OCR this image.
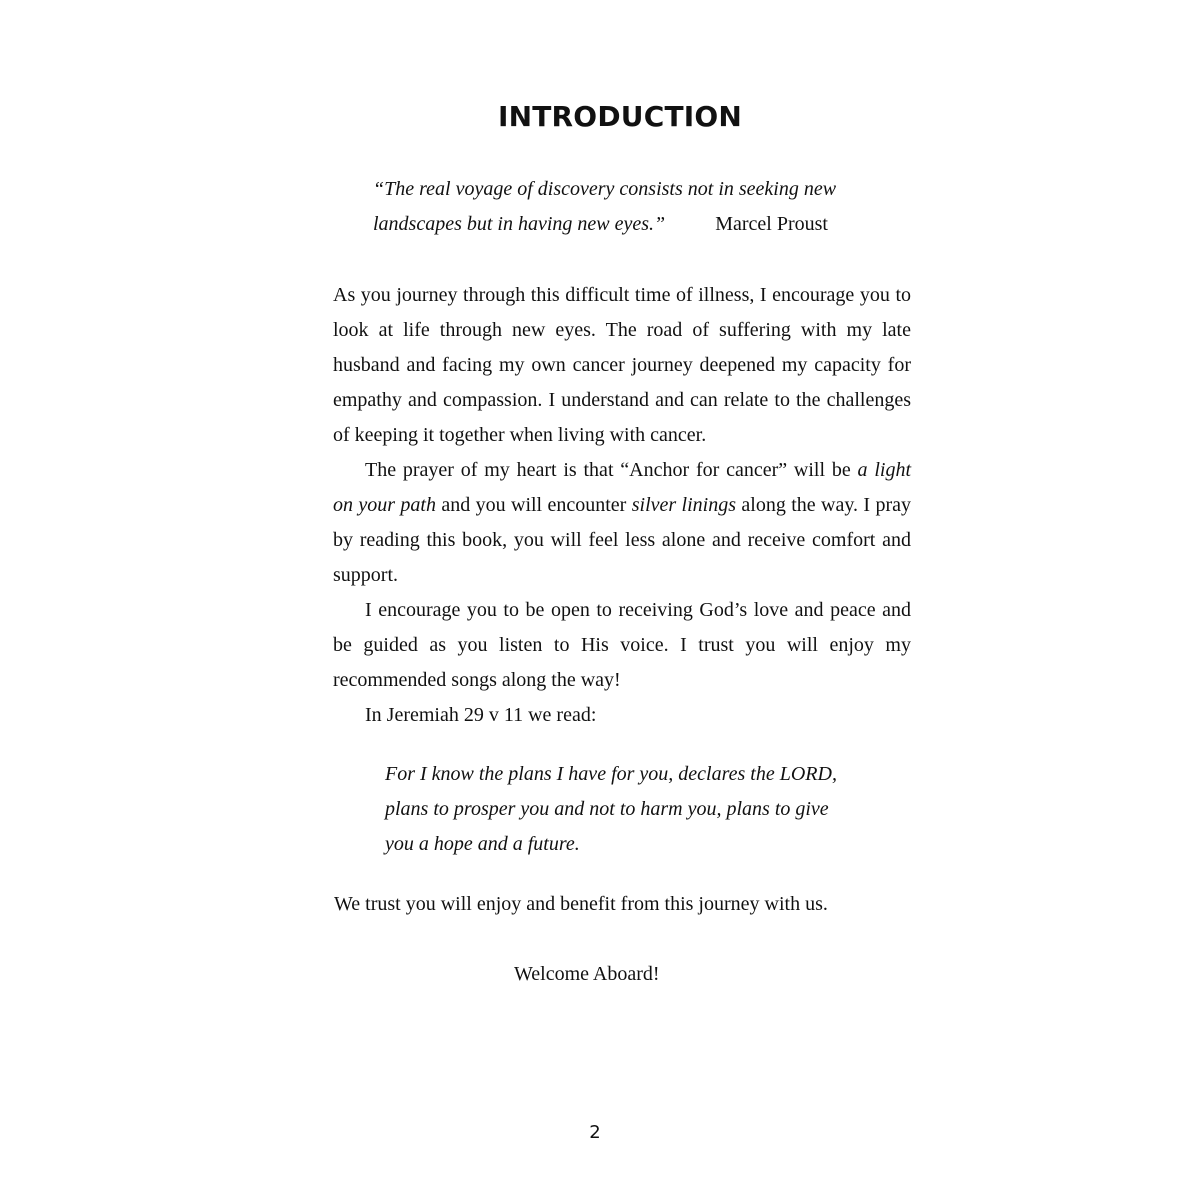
INTRODUCTION
“The real voyage of discovery consists not in seeking new
landscapes but in having new eyes.”	Marcel Proust

As you journey through this difficult time of illness, I encourage you to look at life through new eyes. The road of suffering with my late husband and facing my own cancer journey deepened my capacity for empathy and compassion. I understand and can relate to the challenges of keeping it together when living with cancer.

The prayer of my heart is that “Anchor for cancer” will be a light on your path and you will encounter silver linings along the way. I pray by reading this book, you will feel less alone and receive comfort and support.

I encourage you to be open to receiving God’s love and peace and be guided as you listen to His voice. I trust you will enjoy my recommended songs along the way!

In Jeremiah 29 v 11 we read:

For I know the plans I have for you, declares the LORD,
plans to prosper you and not to harm you, plans to give
you a hope and a future.
We trust you will enjoy and benefit from this journey with us.
Welcome Aboard!
2
